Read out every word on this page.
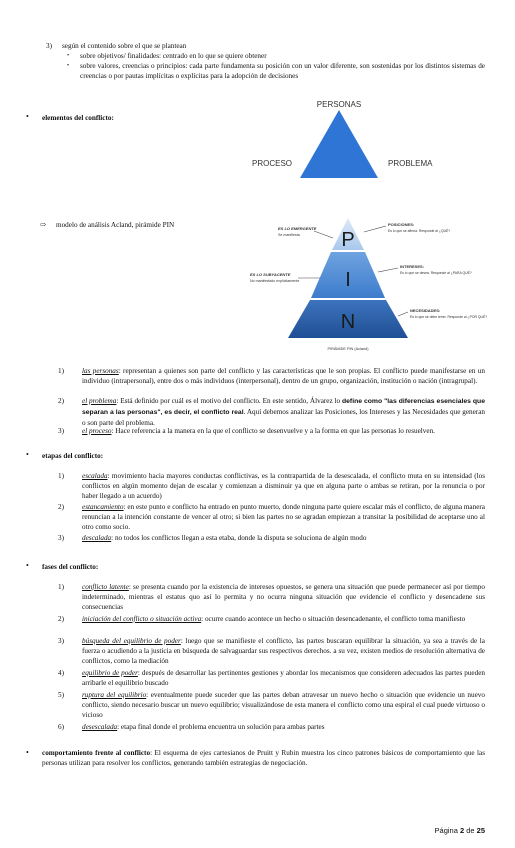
3) según el contenido sobre el que se plantean
• sobre objetivos/ finalidades: centrado en lo que se quiere obtener
• sobre valores, creencias o principios: cada parte fundamenta su posición con un valor diferente, son sostenidas por los distintos sistemas de creencias o por pautas implícitas o explícitas para la adopción de decisiones
• elementos del conflicto:
PERSONAS
PROCESO	PROBLEMA
⇨ modelo de análisis Acland, pirámide PIN
P
I
N
ES LO EMERGENTE
Se manifiesta
ES LO SUBYACENTE
No manifestado explícitamente
POSICIONES:
Es lo que se afirma. Responde al ¿QUÉ?
INTERESES:
Es lo que se desea. Responde al ¿PARA QUÉ?
NECESIDADES:
Es lo que se debe tener. Responde al ¿POR QUÉ?
PIRÁMIDE PIN (Acland)
1)	las personas: representan a quienes son parte del conflicto y las características que le son propias. El conflicto puede manifestarse en un individuo (intrapersonal), entre dos o más individuos (interpersonal), dentro de un grupo, organización, institución o nación (intragrupal).
2)	el problema: Está definido por cuál es el motivo del conflicto. En este sentido, Álvarez lo define como "las diferencias esenciales que separan a las personas", es decir, el conflicto real. Aquí debemos analizar las Posiciones, los Intereses y las Necesidades que generan o son parte del problema.
3)	el proceso: Hace referencia a la manera en la que el conflicto se desenvuelve y a la forma en que las personas lo resuelven.
• etapas del conflicto:
1)	escalada: movimiento hacia mayores conductas conflictivas, es la contrapartida de la desescalada, el conflicto muta en su intensidad (los conflictos en algún momento dejan de escalar y comienzan a disminuir ya que en alguna parte o ambas se retiran, por la renuncia o por haber llegado a un acuerdo)
2)	estancamiento: en este punto e conflicto ha entrado en punto muerto, donde ninguna parte quiere escalar más el conflicto, de alguna manera renuncian a la intención constante de vencer al otro; si bien las partes no se agradan empiezan a transitar la posibilidad de aceptarse uno al otro como socio.
3)	descalada: no todos los conflictos llegan a esta etaba, donde la disputa se soluciona de algún modo
• fases del conflicto:
1)	conflicto latente: se presenta cuando por la existencia de intereses opuestos, se genera una situación que puede permanecer así por tiempo indeterminado, mientras el estatus quo así lo permita y no ocurra ninguna situación que evidencie el conflicto y desencadene sus consecuencias
2)	iniciación del conflicto o situación activa: ocurre cuando acontece un hecho o situación desencadenante, el conflicto toma manifiesto
3)	búsqueda del equilibrio de poder: luego que se manifieste el conflicto, las partes buscaran equilibrar la situación, ya sea a través de la fuerza o acudiendo a la justicia en búsqueda de salvaguardar sus respectivos derechos. a su vez, existen medios de resolución alternativa de conflictos, como la mediación
4)	equilibrio de poder: después de desarrollar las pertinentes gestiones y abordar los mecanismos que consideren adecuados las partes pueden arribarle el equilibrio buscado
5)	ruptura del equilibrio: eventualmente puede suceder que las partes deban atravesar un nuevo hecho o situación que evidencie un nuevo conflicto, siendo necesario buscar un nuevo equilibrio; visualizándose de esta manera el conflicto como una espiral el cual puede virtuoso o vicioso
6)	desescalada: etapa final donde el problema encuentra un solución para ambas partes
• comportamiento frente al conflicto: El esquema de ejes cartesianos de Pruitt y Rubin muestra los cinco patrones básicos de comportamiento que las personas utilizan para resolver los conflictos, generando también estrategias de negociación.
Página 2 de 25
